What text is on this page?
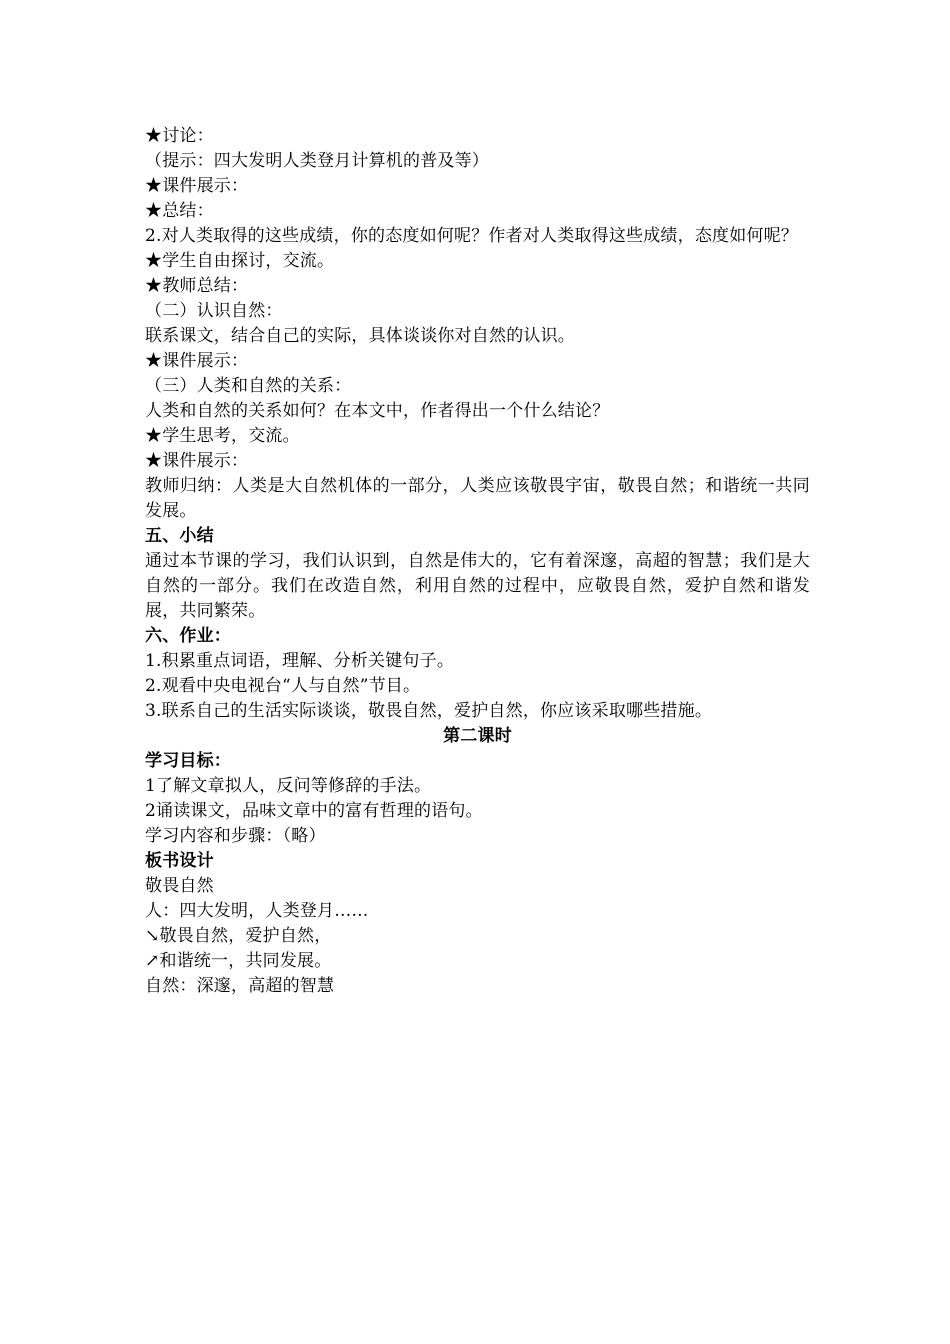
★讨论：
（提示：四大发明人类登月计算机的普及等）
★课件展示：
★总结：
2.对人类取得的这些成绩，你的态度如何呢？作者对人类取得这些成绩，态度如何呢？
★学生自由探讨，交流。
★教师总结：
（二）认识自然：
联系课文，结合自己的实际，具体谈谈你对自然的认识。
★课件展示：
（三）人类和自然的关系：
人类和自然的关系如何？在本文中，作者得出一个什么结论？
★学生思考，交流。
★课件展示：
教师归纳：人类是大自然机体的一部分，人类应该敬畏宇宙，敬畏自然；和谐统一共同发展。
五、小结
通过本节课的学习，我们认识到，自然是伟大的，它有着深邃，高超的智慧；我们是大自然的一部分。我们在改造自然，利用自然的过程中，应敬畏自然，爱护自然和谐发展，共同繁荣。
六、作业：
1.积累重点词语，理解、分析关键句子。
2.观看中央电视台“人与自然”节目。
3.联系自己的生活实际谈谈，敬畏自然，爱护自然，你应该采取哪些措施。
第二课时
学习目标：
1了解文章拟人，反问等修辞的手法。
2诵读课文，品味文章中的富有哲理的语句。
学习内容和步骤：（略）
板书设计
敬畏自然
人：四大发明，人类登月……
↘敬畏自然，爱护自然，
↗和谐统一，共同发展。
自然：深邃，高超的智慧
